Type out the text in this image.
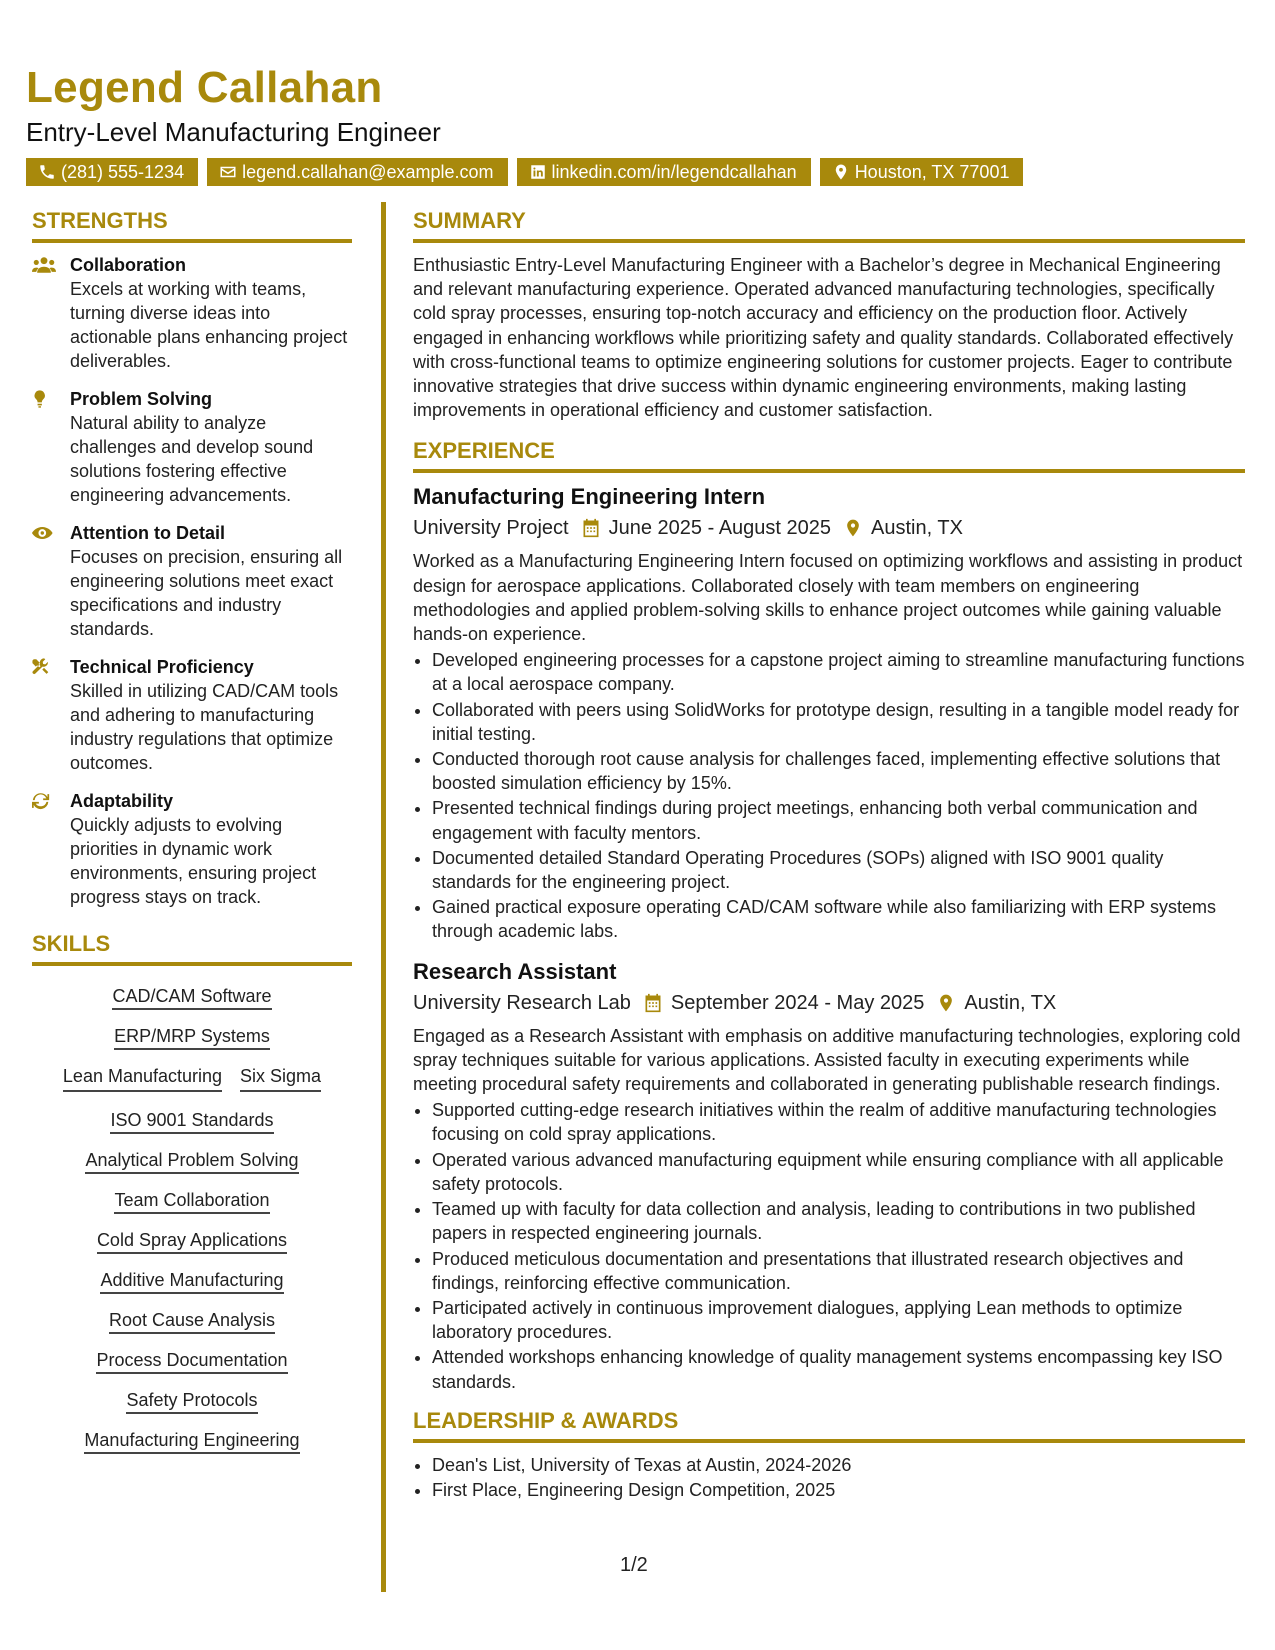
Legend Callahan
Entry-Level Manufacturing Engineer
(281) 555-1234	legend.callahan@example.com	linkedin.com/in/legendcallahan	Houston, TX 77001
STRENGTHS
Collaboration
Excels at working with teams, turning diverse ideas into actionable plans enhancing project deliverables.
Problem Solving
Natural ability to analyze challenges and develop sound solutions fostering effective engineering advancements.
Attention to Detail
Focuses on precision, ensuring all engineering solutions meet exact specifications and industry standards.
Technical Proficiency
Skilled in utilizing CAD/CAM tools and adhering to manufacturing industry regulations that optimize outcomes.
Adaptability
Quickly adjusts to evolving priorities in dynamic work environments, ensuring project progress stays on track.
SKILLS
CAD/CAM Software
ERP/MRP Systems
Lean Manufacturing Six Sigma
ISO 9001 Standards
Analytical Problem Solving
Team Collaboration
Cold Spray Applications
Additive Manufacturing
Root Cause Analysis
Process Documentation
Safety Protocols
Manufacturing Engineering
SUMMARY

Enthusiastic Entry-Level Manufacturing Engineer with a Bachelor’s degree in Mechanical Engineering and relevant manufacturing experience. Operated advanced manufacturing technologies, specifically cold spray processes, ensuring top-notch accuracy and efficiency on the production floor. Actively engaged in enhancing workflows while prioritizing safety and quality standards. Collaborated effectively with cross-functional teams to optimize engineering solutions for customer projects. Eager to contribute innovative strategies that drive success within dynamic engineering environments, making lasting improvements in operational efficiency and customer satisfaction.

EXPERIENCE
Manufacturing Engineering Intern
University Project June 2025 - August 2025 Austin, TX

Worked as a Manufacturing Engineering Intern focused on optimizing workflows and assisting in product design for aerospace applications. Collaborated closely with team members on engineering methodologies and applied problem-solving skills to enhance project outcomes while gaining valuable hands-on experience.

• Developed engineering processes for a capstone project aiming to streamline manufacturing functions at a local aerospace company.
• Collaborated with peers using SolidWorks for prototype design, resulting in a tangible model ready for initial testing.
• Conducted thorough root cause analysis for challenges faced, implementing effective solutions that boosted simulation efficiency by 15%.
• Presented technical findings during project meetings, enhancing both verbal communication and engagement with faculty mentors.
• Documented detailed Standard Operating Procedures (SOPs) aligned with ISO 9001 quality standards for the engineering project.
• Gained practical exposure operating CAD/CAM software while also familiarizing with ERP systems through academic labs.
Research Assistant
University Research Lab September 2024 - May 2025 Austin, TX

Engaged as a Research Assistant with emphasis on additive manufacturing technologies, exploring cold spray techniques suitable for various applications. Assisted faculty in executing experiments while meeting procedural safety requirements and collaborated in generating publishable research findings.

• Supported cutting-edge research initiatives within the realm of additive manufacturing technologies focusing on cold spray applications.
• Operated various advanced manufacturing equipment while ensuring compliance with all applicable safety protocols.
• Teamed up with faculty for data collection and analysis, leading to contributions in two published papers in respected engineering journals.
• Produced meticulous documentation and presentations that illustrated research objectives and findings, reinforcing effective communication.
• Participated actively in continuous improvement dialogues, applying Lean methods to optimize laboratory procedures.
• Attended workshops enhancing knowledge of quality management systems encompassing key ISO standards.
LEADERSHIP & AWARDS
• Dean's List, University of Texas at Austin, 2024-2026
• First Place, Engineering Design Competition, 2025
1/2
